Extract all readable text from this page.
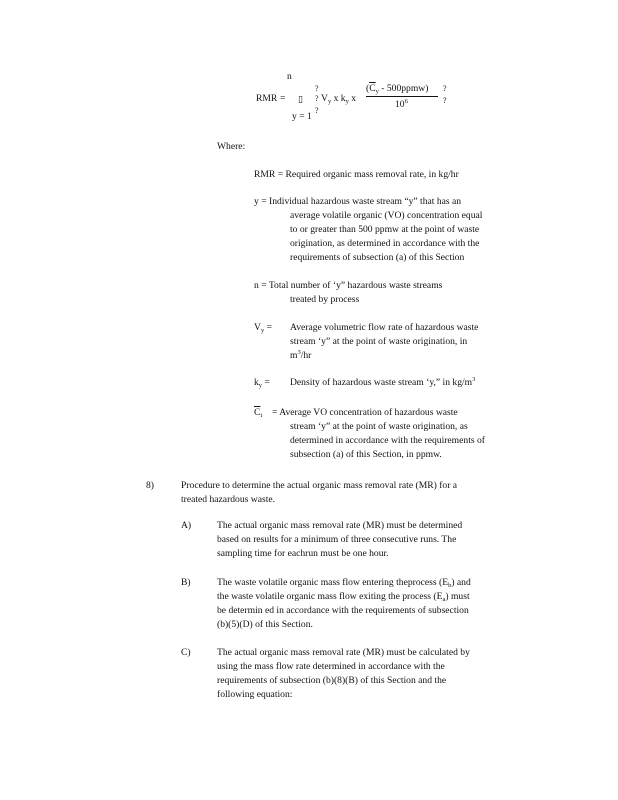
n
?
RMR = ▯ ? $V_y$ x $k_y$ x
($\overline{C}_y$ - 500ppmw)
$10^6$
?
?
?
y = 1
Where:
RMR = Required organic mass removal rate, in kg/hr
y = Individual hazardous waste stream “y” that has an
average volatile organic (VO) concentration equal
to or greater than 500 ppmw at the point of waste
origination, as determined in accordance with the
requirements of subsection (a) of this Section
n = Total number of ‘y” hazardous waste streams
treated by process
$V_y$ = Average volumetric flow rate of hazardous waste
stream ‘y” at the point of waste origination, in
$m^3/hr$
$k_y$ = Density of hazardous waste stream ‘y,” in $kg/m^3$
$\overline{C}_i$ = Average VO concentration of hazardous waste
stream ‘y” at the point of waste origination, as
determined in accordance with the requirements of
subsection (a) of this Section, in ppmw.
8)	Procedure to determine the actual organic mass removal rate (MR) for a
treated hazardous waste.
A)	The actual organic mass removal rate (MR) must be determined
based on results for a minimum of three consecutive runs. The
sampling time for eachrun must be one hour.
B)	The waste volatile organic mass flow entering theprocess $(E_b)$ and
the waste volatile organic mass flow exiting the process $(E_a)$ must
be determin ed in accordance with the requirements of subsection
(b)(5)(D) of this Section.
C)	The actual organic mass removal rate (MR) must be calculated by
using the mass flow rate determined in accordance with the
requirements of subsection (b)(8)(B) of this Section and the
following equation:
